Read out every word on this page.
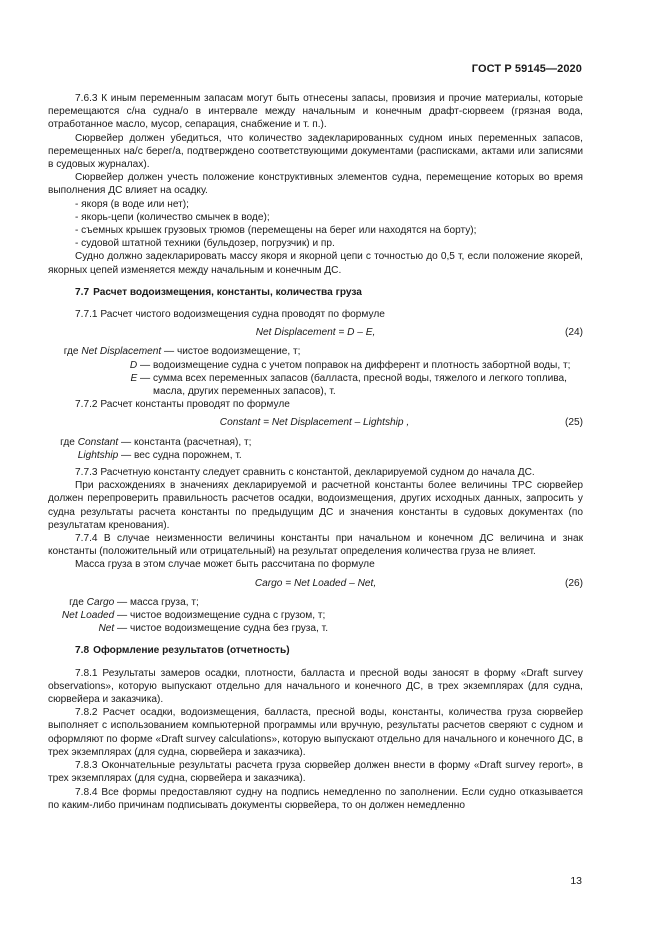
ГОСТ Р 59145—2020

7.6.3 К иным переменным запасам могут быть отнесены запасы, провизия и прочие материалы, которые перемещаются с/на судна/о в интервале между начальным и конечным драфт-сюрвеем (грязная вода, отработанное масло, мусор, сепарация, снабжение и т. п.).

Сюрвейер должен убедиться, что количество задекларированных судном иных переменных запасов, перемещенных на/с берег/а, подтверждено соответствующими документами (расписками, актами или записями в судовых журналах).

Сюрвейер должен учесть положение конструктивных элементов судна, перемещение которых во время выполнения ДС влияет на осадку.

- якоря (в воде или нет);

- якорь-цепи (количество смычек в воде);

- съемных крышек грузовых трюмов (перемещены на берег или находятся на борту);

- судовой штатной техники (бульдозер, погрузчик) и пр.

Судно должно задекларировать массу якоря и якорной цепи с точностью до 0,5 т, если положение якорей, якорных цепей изменяется между начальным и конечным ДС.

7.7 Расчет водоизмещения, константы, количества груза

7.7.1 Расчет чистого водоизмещения судна проводят по формуле

Net Displacement = D – E,	(24)
где Net Displacement — чистое водоизмещение, т;
D — водоизмещение судна с учетом поправок на дифферент и плотность забортной воды, т;
E — сумма всех переменных запасов (балласта, пресной воды, тяжелого и легкого топлива, масла, других переменных запасов), т.

7.7.2 Расчет константы проводят по формуле

Constant = Net Displacement – Lightship ,	(25)
где Constant — константа (расчетная), т;
Lightship — вес судна порожнем, т.

7.7.3 Расчетную константу следует сравнить с константой, декларируемой судном до начала ДС.

При расхождениях в значениях декларируемой и расчетной константы более величины TPC сюрвейер должен перепроверить правильность расчетов осадки, водоизмещения, других исходных данных, запросить у судна результаты расчета константы по предыдущим ДС и значения константы в судовых документах (по результатам кренования).

7.7.4 В случае неизменности величины константы при начальном и конечном ДС величина и знак константы (положительный или отрицательный) на результат определения количества груза не влияет.

Масса груза в этом случае может быть рассчитана по формуле

Cargo = Net Loaded – Net,	(26)
где Cargo — масса груза, т;
Net Loaded — чистое водоизмещение судна с грузом, т;
Net — чистое водоизмещение судна без груза, т.

7.8 Оформление результатов (отчетность)

7.8.1 Результаты замеров осадки, плотности, балласта и пресной воды заносят в форму «Draft survey observations», которую выпускают отдельно для начального и конечного ДС, в трех экземплярах (для судна, сюрвейера и заказчика).

7.8.2 Расчет осадки, водоизмещения, балласта, пресной воды, константы, количества груза сюрвейер выполняет с использованием компьютерной программы или вручную, результаты расчетов сверяют с судном и оформляют по форме «Draft survey calculations», которую выпускают отдельно для начального и конечного ДС, в трех экземплярах (для судна, сюрвейера и заказчика).

7.8.3 Окончательные результаты расчета груза сюрвейер должен внести в форму «Draft survey report», в трех экземплярах (для судна, сюрвейера и заказчика).

7.8.4 Все формы предоставляют судну на подпись немедленно по заполнении. Если судно отказывается по каким-либо причинам подписывать документы сюрвейера, то он должен немедленно

13
